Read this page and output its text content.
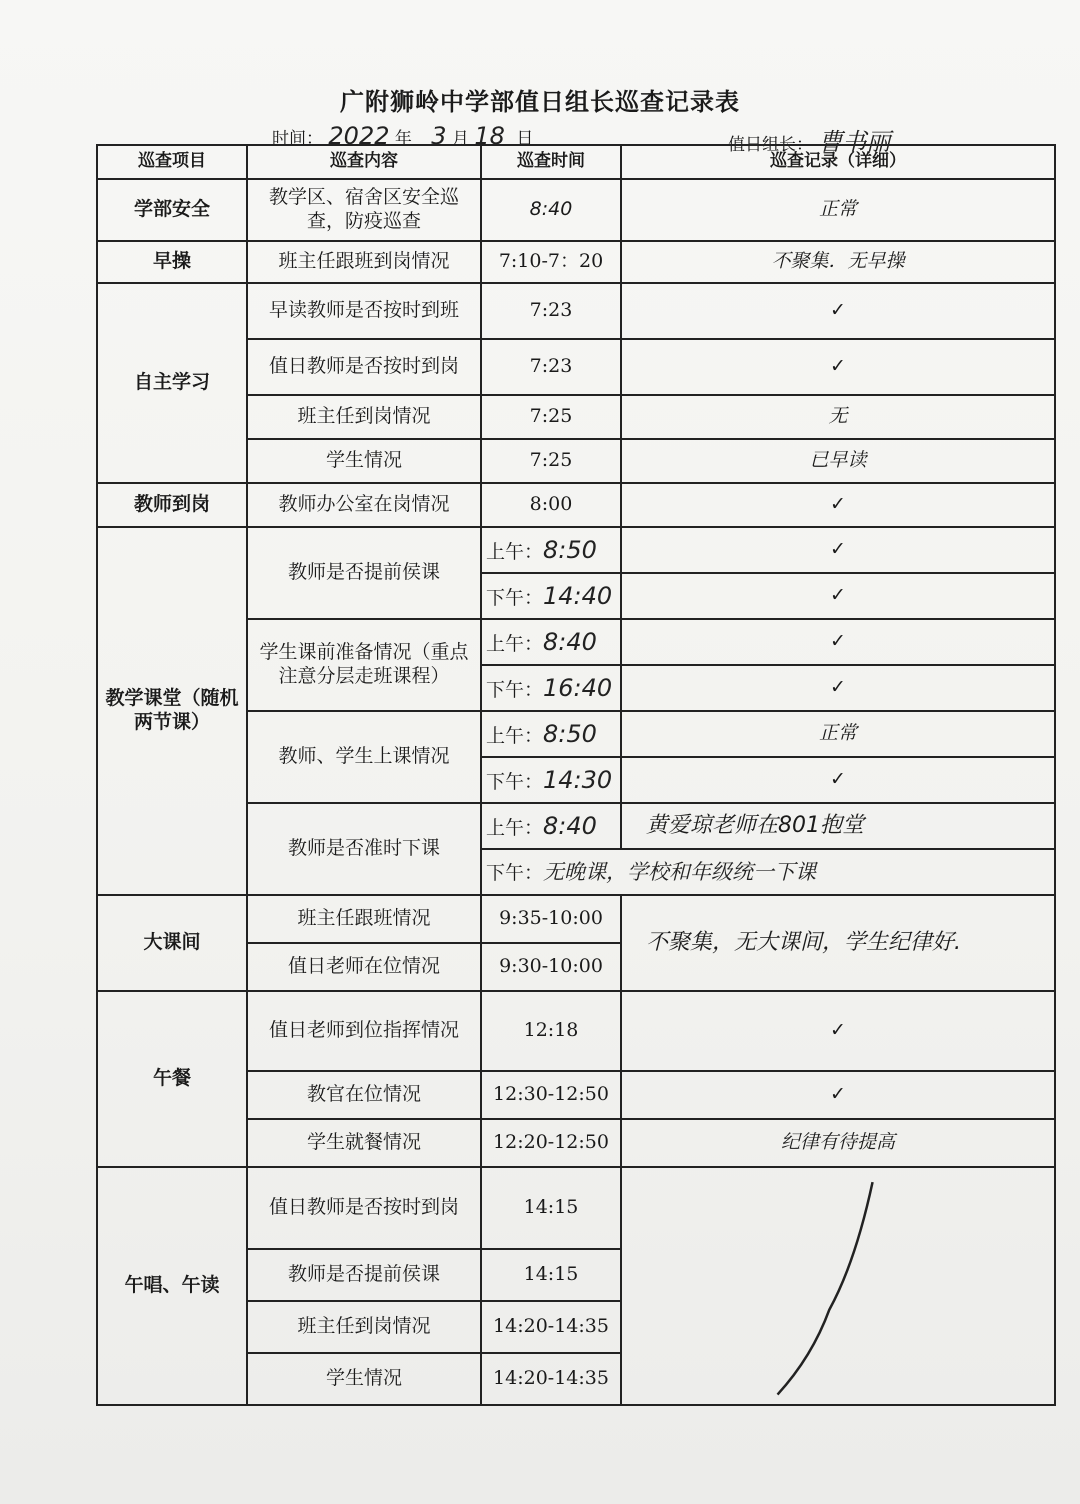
广附狮岭中学部值日组长巡查记录表
时间： 2022 年 3 月 18 日	值日组长： 曹书丽
巡查项目	巡查内容	巡查时间	巡查记录（详细）
学部安全	教学区、宿舍区安全巡查，防疫巡查	8:40	正常
早操	班主任跟班到岗情况	7:10-7：20	不聚集．无早操
自主学习	早读教师是否按时到班	7:23	✓
	值日教师是否按时到岗	7:23	✓
	班主任到岗情况	7:25	无
	学生情况	7:25	已早读
教师到岗	教师办公室在岗情况	8:00	✓
教学课堂（随机两节课）	教师是否提前侯课	上午：8:50	✓
		下午：14:40	✓
	学生课前准备情况（重点注意分层走班课程）	上午：8:40	✓
		下午：16:40	✓
	教师、学生上课情况	上午：8:50	正常
		下午：14:30	✓
	教师是否准时下课	上午：8:40	黄爱琼老师在801抱堂
		下午：无晚课，学校和年级统一下课	
大课间	班主任跟班情况	9:35-10:00	不聚集，无大课间，学生纪律好.
	值日老师在位情况	9:30-10:00	
午餐	值日老师到位指挥情况	12:18	✓
	教官在位情况	12:30-12:50	✓
	学生就餐情况	12:20-12:50	纪律有待提高
午唱、午读	值日教师是否按时到岗	14:15	

	教师是否提前侯课	14:15	
	班主任到岗情况	14:20-14:35	
	学生情况	14:20-14:35	
